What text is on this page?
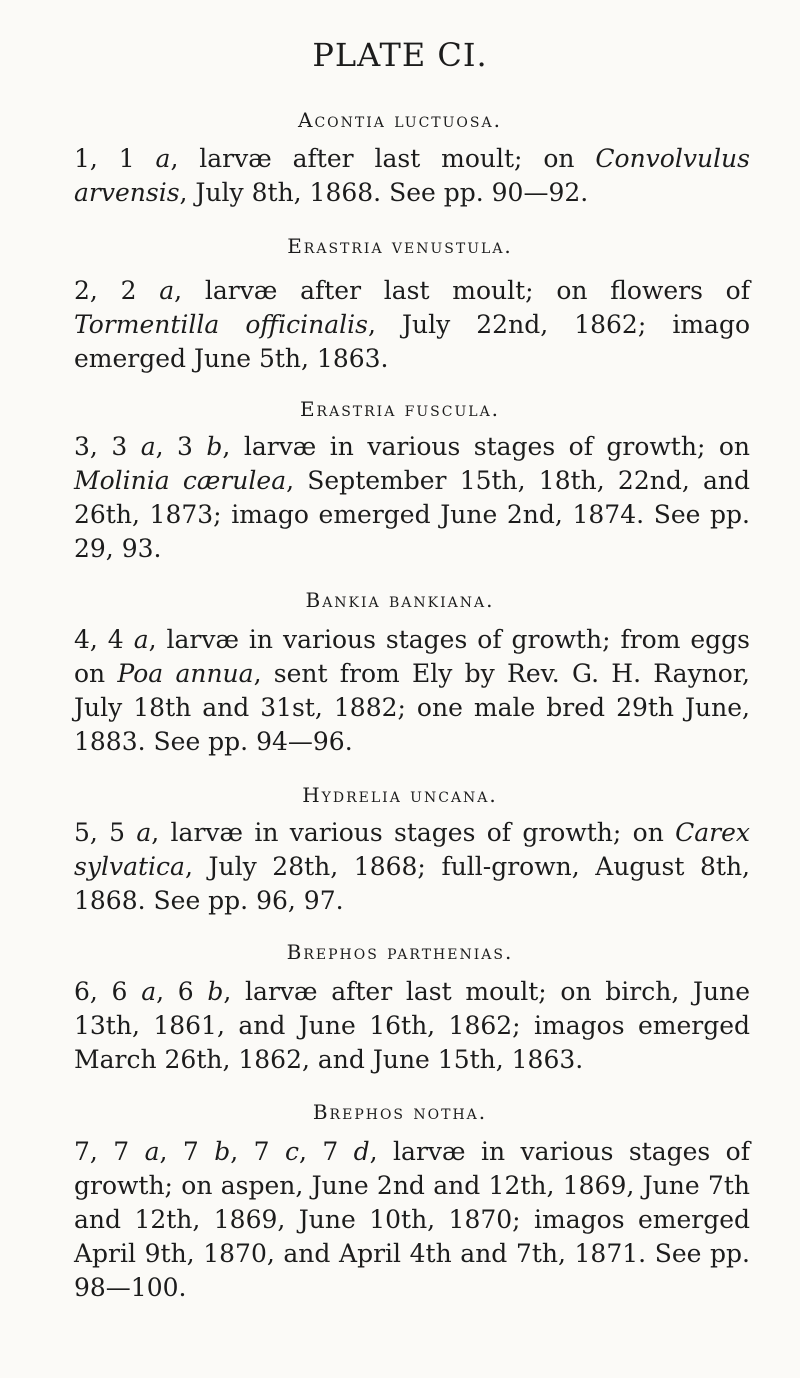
PLATE CI.
Acontia luctuosa.
1, 1 a, larvæ after last moult; on Convolvulus arvensis, July 8th, 1868. See pp. 90—92.
Erastria venustula.
2, 2 a, larvæ after last moult; on flowers of Tormentilla officinalis, July 22nd, 1862; imago emerged June 5th, 1863.
Erastria fuscula.
3, 3 a, 3 b, larvæ in various stages of growth; on Molinia cærulea, September 15th, 18th, 22nd, and 26th, 1873; imago emerged June 2nd, 1874. See pp. 29, 93.
Bankia bankiana.
4, 4 a, larvæ in various stages of growth; from eggs on Poa annua, sent from Ely by Rev. G. H. Raynor, July 18th and 31st, 1882; one male bred 29th June, 1883. See pp. 94—96.
Hydrelia uncana.
5, 5 a, larvæ in various stages of growth; on Carex sylvatica, July 28th, 1868; full-grown, August 8th, 1868. See pp. 96, 97.
Brephos parthenias.
6, 6 a, 6 b, larvæ after last moult; on birch, June 13th, 1861, and June 16th, 1862; imagos emerged March 26th, 1862, and June 15th, 1863.
Brephos notha.
7, 7 a, 7 b, 7 c, 7 d, larvæ in various stages of growth; on aspen, June 2nd and 12th, 1869, June 7th and 12th, 1869, June 10th, 1870; imagos emerged April 9th, 1870, and April 4th and 7th, 1871. See pp. 98—100.
